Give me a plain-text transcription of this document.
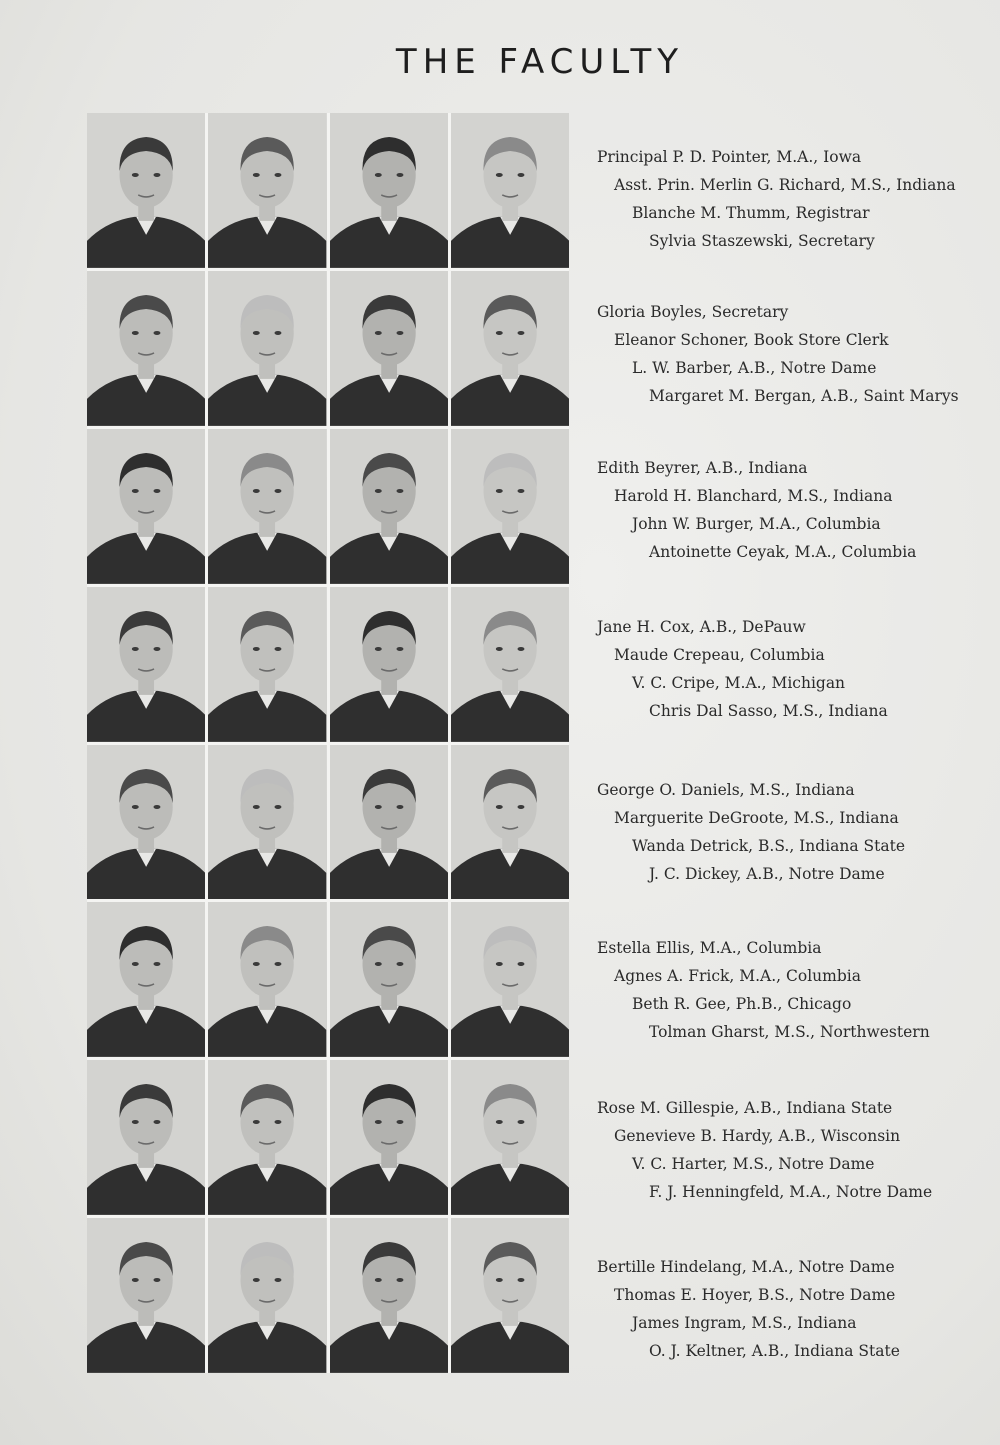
THE FACULTY
Principal P. D. Pointer, M.A., Iowa
Asst. Prin. Merlin G. Richard, M.S., Indiana
Blanche M. Thumm, Registrar
Sylvia Staszewski, Secretary
Gloria Boyles, Secretary
Eleanor Schoner, Book Store Clerk
L. W. Barber, A.B., Notre Dame
Margaret M. Bergan, A.B., Saint Marys
Edith Beyrer, A.B., Indiana
Harold H. Blanchard, M.S., Indiana
John W. Burger, M.A., Columbia
Antoinette Ceyak, M.A., Columbia
Jane H. Cox, A.B., DePauw
Maude Crepeau, Columbia
V. C. Cripe, M.A., Michigan
Chris Dal Sasso, M.S., Indiana
George O. Daniels, M.S., Indiana
Marguerite DeGroote, M.S., Indiana
Wanda Detrick, B.S., Indiana State
J. C. Dickey, A.B., Notre Dame
Estella Ellis, M.A., Columbia
Agnes A. Frick, M.A., Columbia
Beth R. Gee, Ph.B., Chicago
Tolman Gharst, M.S., Northwestern
Rose M. Gillespie, A.B., Indiana State
Genevieve B. Hardy, A.B., Wisconsin
V. C. Harter, M.S., Notre Dame
F. J. Henningfeld, M.A., Notre Dame
Bertille Hindelang, M.A., Notre Dame
Thomas E. Hoyer, B.S., Notre Dame
James Ingram, M.S., Indiana
O. J. Keltner, A.B., Indiana State
